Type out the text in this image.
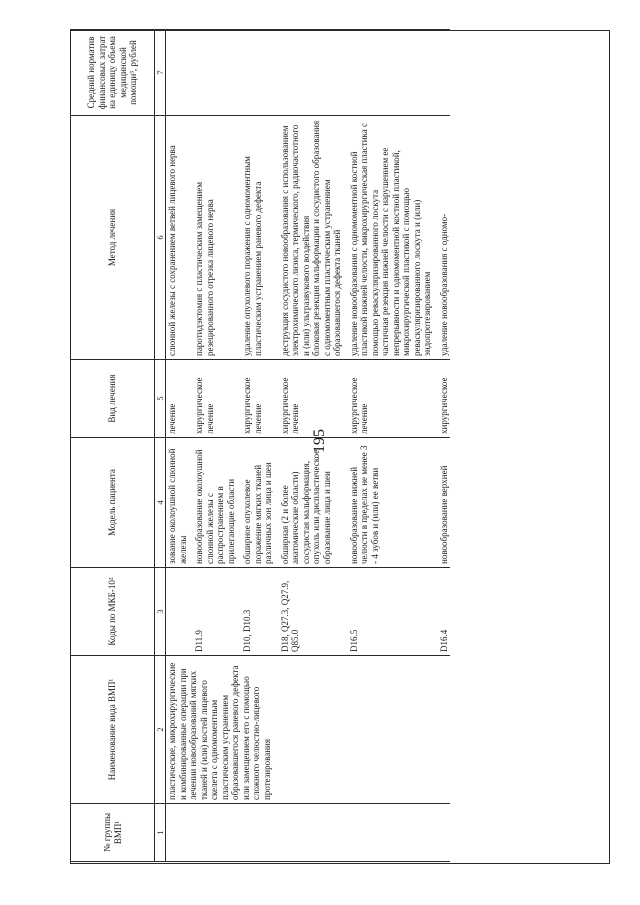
195
№ группы ВМП¹	Наименование вида ВМП¹	Коды по МКБ-10²	Модель пациента	Вид лечения	Метод лечения	Средний норматив финансовых затрат на единицу объема медицинской помощи³, рублей
1	2	3	4	5	6	7
	пластические, микрохирургические и комбинированные операции при лечении новообразований мягких тканей и (или) костей лицевого скелета с одномоментным пластическим устранением образовавшегося раневого дефекта или замещением его с помощью сложного челюстно-лицевого протезирования		зование околоушной слюнной железы	лечение	слюнной железы с сохранением ветвей лицевого нерва	
		D11.9	новообразование околоушной слюнной железы с распространением в прилегающие области	хирургическое лечение	паротидэктомия с пластическим замещением резецированного отрезка лицевого нерва	
		D10, D10.3	обширное опухолевое поражение мягких тканей различных зон лица и шеи	хирургическое лечение	удаление опухолевого поражения с одномоментным пластическим устранением раневого дефекта	
		D18, Q27.3, Q27.9, Q85.0	обширная (2 и более анатомические области) сосудистая мальформация, опухоль или диспластическое образование лица и шеи	хирургическое лечение	деструкция сосудистого новообразования с использованием электрохимического лизиса, термического, радиочастотного и (или) ультразвукового воздействия
блоковая резекция мальформации и сосудистого образования с одномоментным пластическим устранением образовавшегося дефекта тканей	
		D16.5	новообразование нижней челюсти в пределах не менее 3 - 4 зубов и (или) ее ветви	хирургическое лечение	удаление новообразования с одномоментной костной пластикой нижней челюсти, микрохирургическая пластика с помощью реваскуляризированного лоскута
частичная резекция нижней челюсти с нарушением ее непрерывности и одномоментной костной пластикой, микрохирургической пластикой с помощью реваскуляризированного лоскута и (или) эндопротезированием	
		D16.4	новообразование верхней	хирургическое	удаление новообразования с одномо-	
